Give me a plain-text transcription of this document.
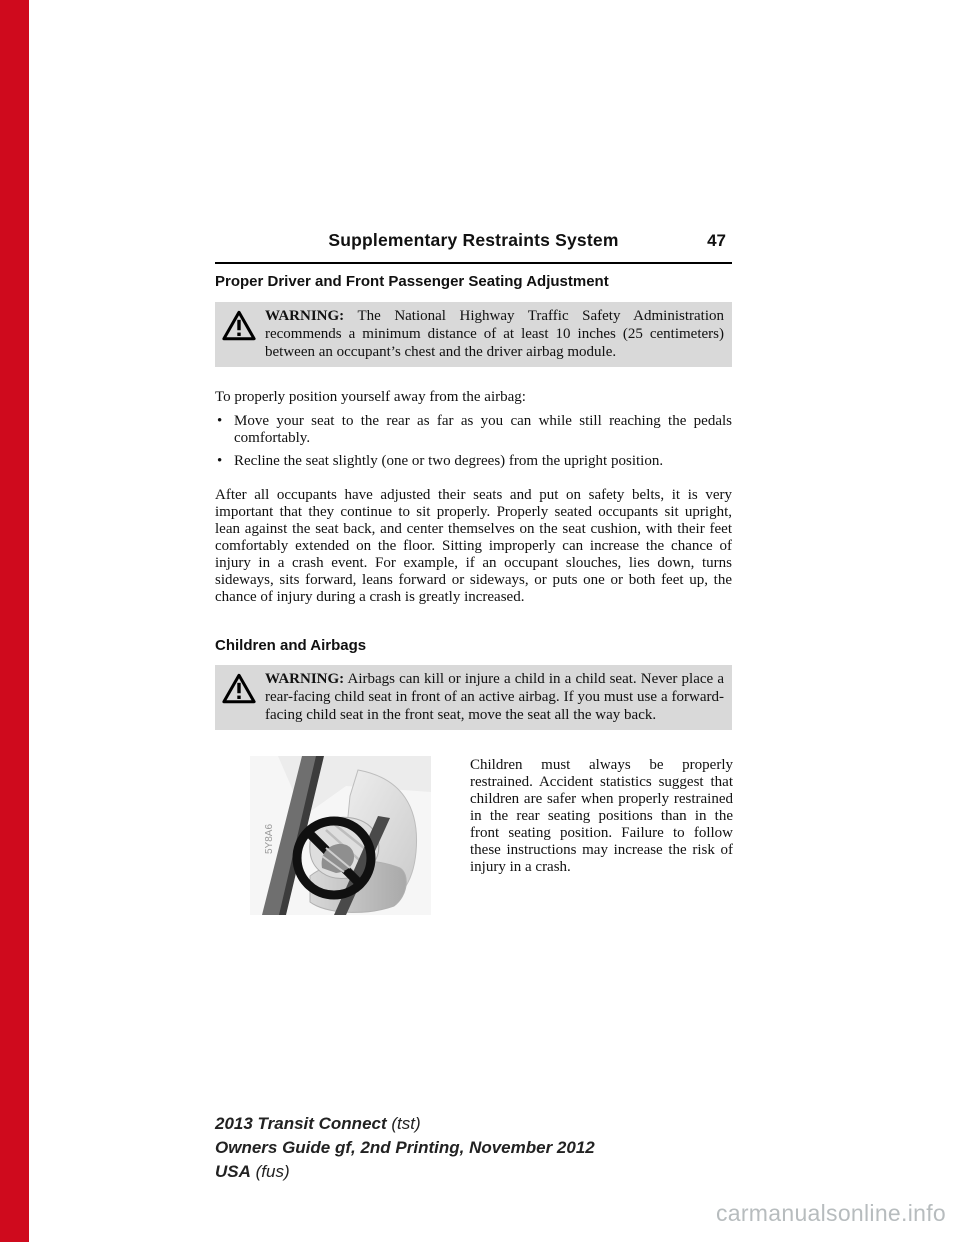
Supplementary Restraints System	47
Proper Driver and Front Passenger Seating Adjustment
WARNING: The National Highway Traffic Safety Administration recommends a minimum distance of at least 10 inches (25 centimeters) between an occupant’s chest and the driver airbag module.

To properly position yourself away from the airbag:

• Move your seat to the rear as far as you can while still reaching the pedals comfortably.
• Recline the seat slightly (one or two degrees) from the upright position.

After all occupants have adjusted their seats and put on safety belts, it is very important that they continue to sit properly. Properly seated occupants sit upright, lean against the seat back, and center themselves on the seat cushion, with their feet comfortably extended on the floor. Sitting improperly can increase the chance of injury in a crash event. For example, if an occupant slouches, lies down, turns sideways, sits forward, leans forward or sideways, or puts one or both feet up, the chance of injury during a crash is greatly increased.

Children and Airbags
WARNING: Airbags can kill or injure a child in a child seat. Never place a rear-facing child seat in front of an active airbag. If you must use a forward-facing child seat in the front seat, move the seat all the way back.
5Y8A6

Children must always be properly restrained. Accident statistics suggest that children are safer when properly restrained in the rear seating positions than in the front seating position. Failure to follow these instructions may increase the risk of injury in a crash.

2013 Transit Connect (tst)
Owners Guide gf, 2nd Printing, November 2012
USA (fus)
carmanualsonline.info
